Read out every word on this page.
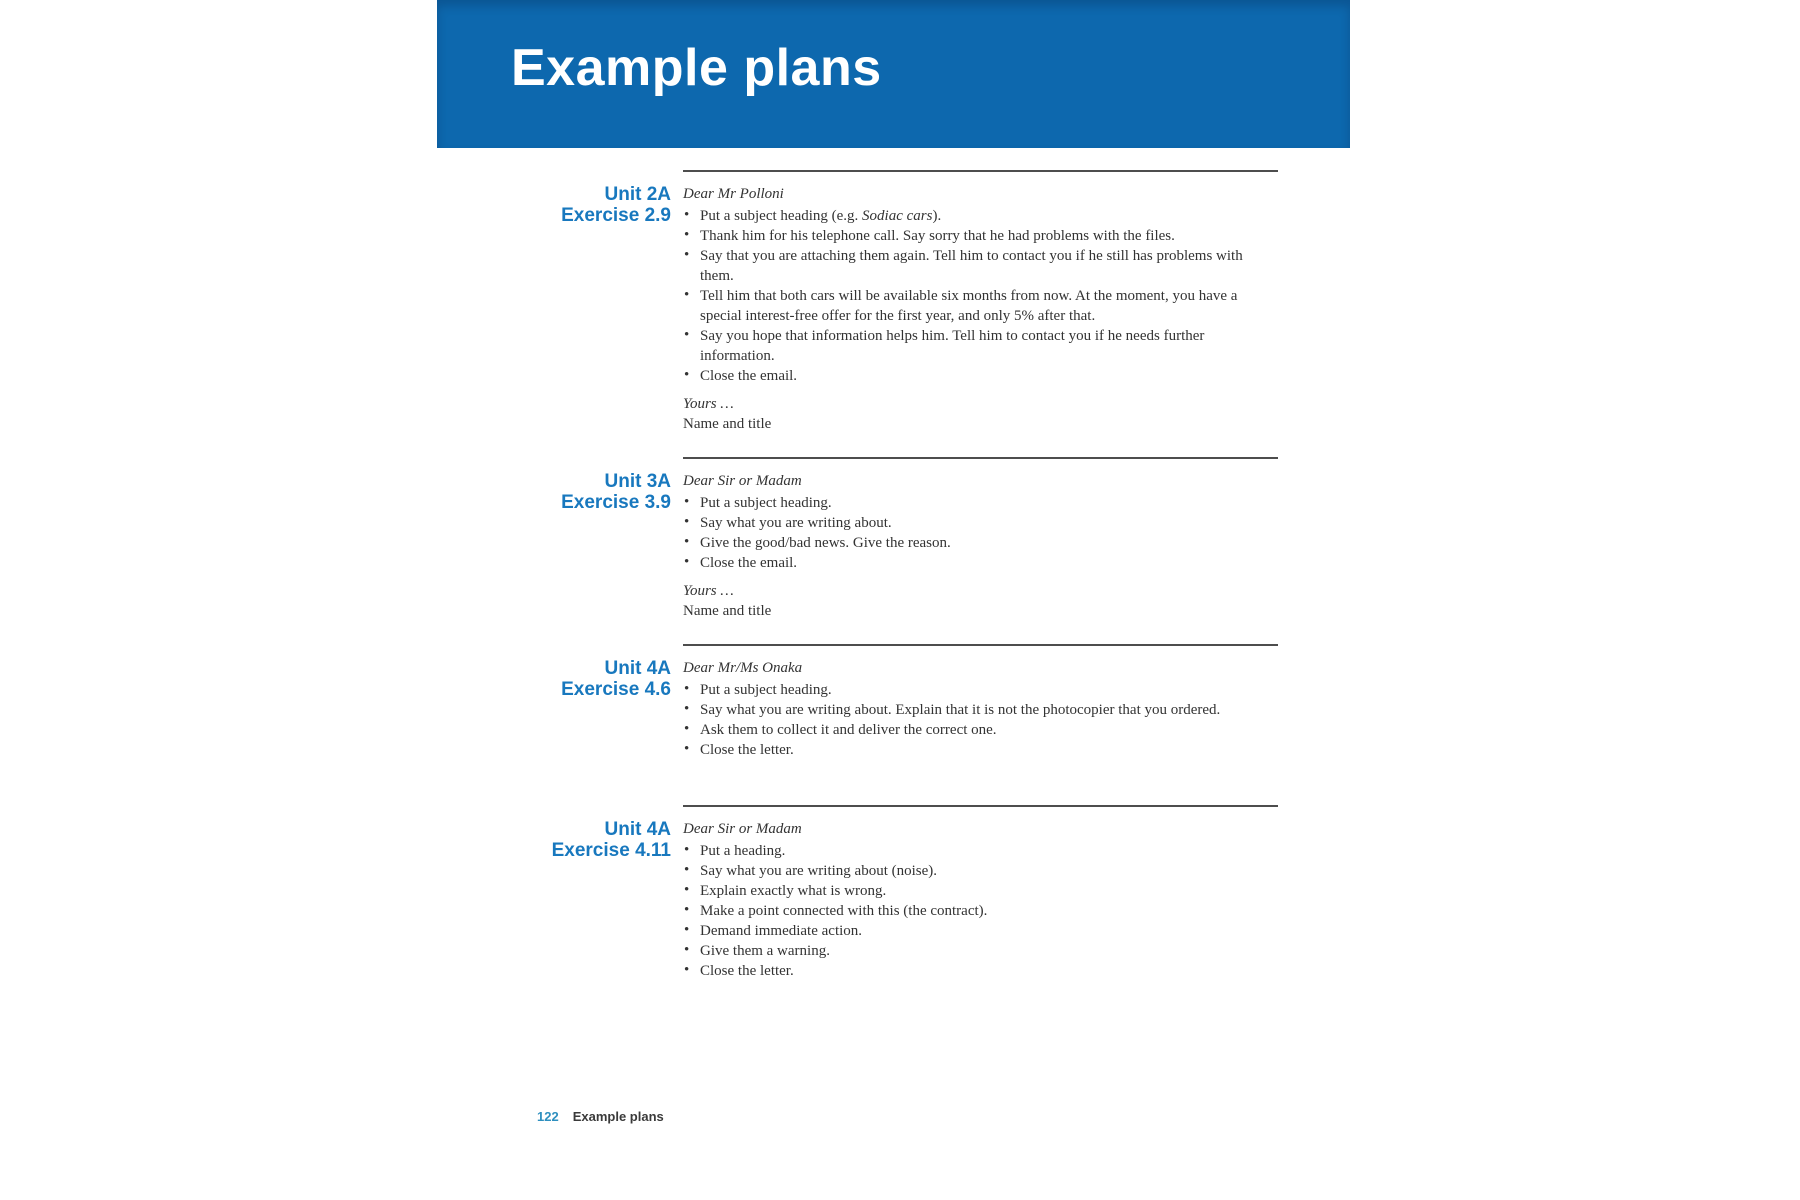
Example plans
Unit 2A
Exercise 2.9

Dear Mr Polloni

• Put a subject heading (e.g. Sodiac cars).
• Thank him for his telephone call. Say sorry that he had problems with the files.
• Say that you are attaching them again. Tell him to contact you if he still has problems with them.
• Tell him that both cars will be available six months from now. At the moment, you have a special interest-free offer for the first year, and only 5% after that.
• Say you hope that information helps him. Tell him to contact you if he needs further information.
• Close the email.

Yours …

Name and title

Unit 3A
Exercise 3.9

Dear Sir or Madam

• Put a subject heading.
• Say what you are writing about.
• Give the good/bad news. Give the reason.
• Close the email.

Yours …

Name and title

Unit 4A
Exercise 4.6

Dear Mr/Ms Onaka

• Put a subject heading.
• Say what you are writing about. Explain that it is not the photocopier that you ordered.
• Ask them to collect it and deliver the correct one.
• Close the letter.
Unit 4A
Exercise 4.11

Dear Sir or Madam

• Put a heading.
• Say what you are writing about (noise).
• Explain exactly what is wrong.
• Make a point connected with this (the contract).
• Demand immediate action.
• Give them a warning.
• Close the letter.
122 Example plans
